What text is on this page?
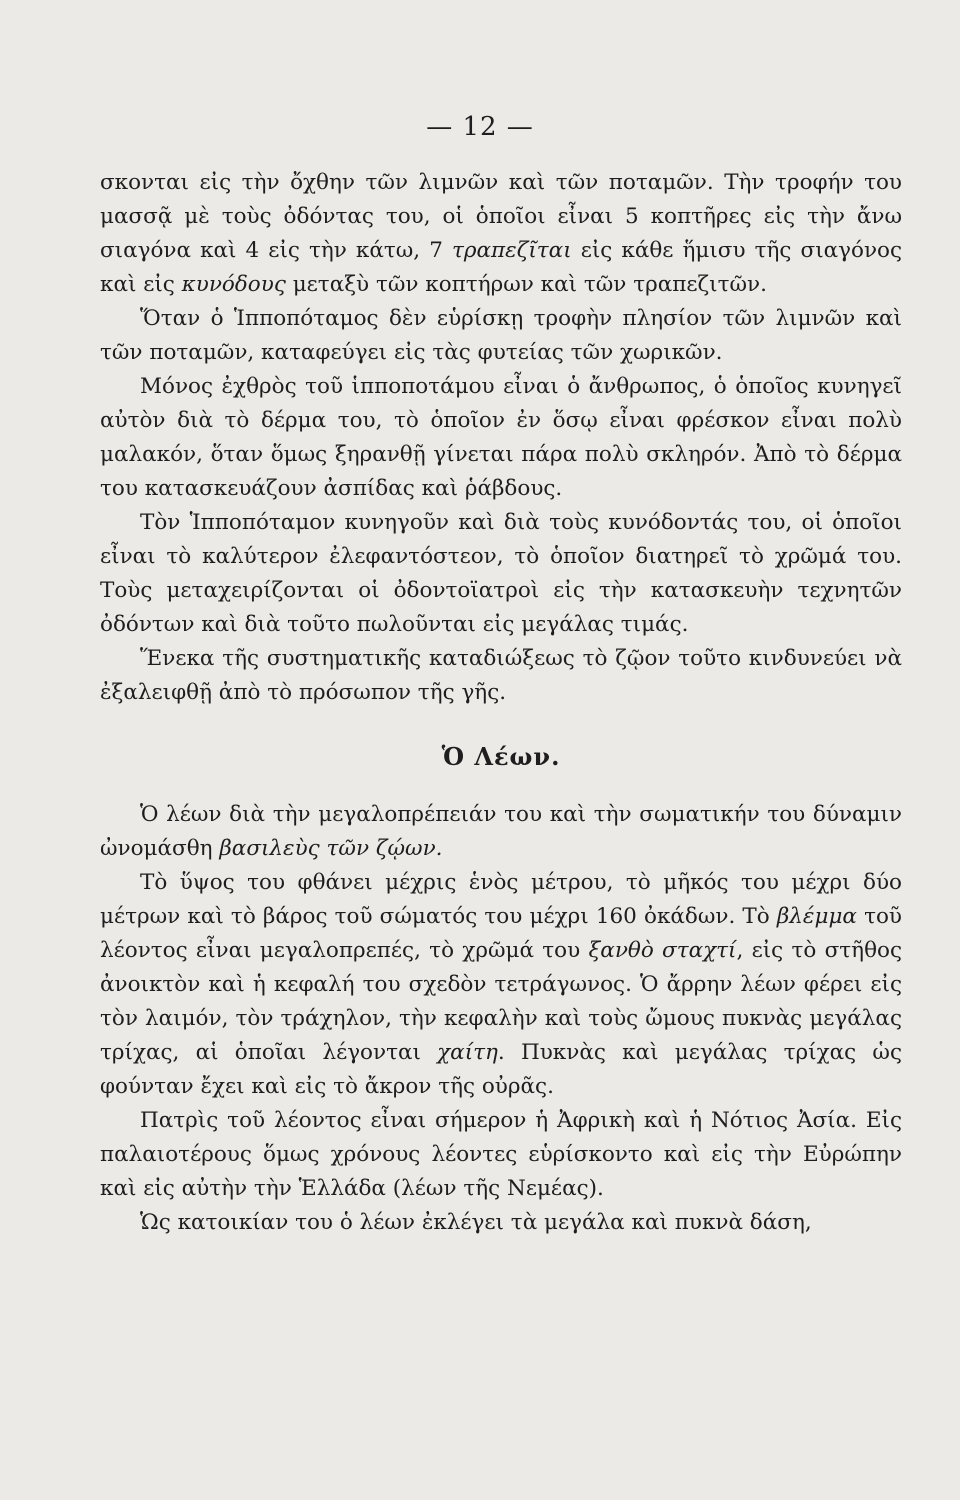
— 12 —

σκονται εἰς τὴν ὄχθην τῶν λιμνῶν καὶ τῶν ποταμῶν. Τὴν τροφήν του μασσᾷ μὲ τοὺς ὀδόντας του, οἱ ὁποῖοι εἶναι 5 κοπτῆρες εἰς τὴν ἄνω σιαγόνα καὶ 4 εἰς τὴν κάτω, 7 τραπεζῖται εἰς κάθε ἥμισυ τῆς σιαγόνος καὶ εἰς κυνόδους μεταξὺ τῶν κοπτήρων καὶ τῶν τραπεζιτῶν.

Ὅταν ὁ Ἱπποπόταμος δὲν εὑρίσκῃ τροφὴν πλησίον τῶν λιμνῶν καὶ τῶν ποταμῶν, καταφεύγει εἰς τὰς φυτείας τῶν χωρικῶν.

Μόνος ἐχθρὸς τοῦ ἱπποποτάμου εἶναι ὁ ἄνθρωπος, ὁ ὁποῖος κυνηγεῖ αὐτὸν διὰ τὸ δέρμα του, τὸ ὁποῖον ἐν ὅσῳ εἶναι φρέσκον εἶναι πολὺ μαλακόν, ὅταν ὅμως ξηρανθῇ γίνεται πάρα πολὺ σκληρόν. Ἀπὸ τὸ δέρμα του κατασκευάζουν ἀσπίδας καὶ ῥάβδους.

Τὸν Ἱπποπόταμον κυνηγοῦν καὶ διὰ τοὺς κυνόδοντάς του, οἱ ὁποῖοι εἶναι τὸ καλύτερον ἐλεφαντόστεον, τὸ ὁποῖον διατηρεῖ τὸ χρῶμά του. Τοὺς μεταχειρίζονται οἱ ὀδοντοϊατροὶ εἰς τὴν κατασκευὴν τεχνητῶν ὀδόντων καὶ διὰ τοῦτο πωλοῦνται εἰς μεγάλας τιμάς.

Ἕνεκα τῆς συστηματικῆς καταδιώξεως τὸ ζῷον τοῦτο κινδυνεύει νὰ ἐξαλειφθῇ ἀπὸ τὸ πρόσωπον τῆς γῆς.

Ὁ Λέων.

Ὁ λέων διὰ τὴν μεγαλοπρέπειάν του καὶ τὴν σωματικήν του δύναμιν ὠνομάσθη βασιλεὺς τῶν ζῴων.

Τὸ ὕψος του φθάνει μέχρις ἑνὸς μέτρου, τὸ μῆκός του μέχρι δύο μέτρων καὶ τὸ βάρος τοῦ σώματός του μέχρι 160 ὀκάδων. Τὸ βλέμμα τοῦ λέοντος εἶναι μεγαλοπρεπές, τὸ χρῶμά του ξανθὸ σταχτί, εἰς τὸ στῆθος ἀνοικτὸν καὶ ἡ κεφαλή του σχεδὸν τετράγωνος. Ὁ ἄρρην λέων φέρει εἰς τὸν λαιμόν, τὸν τράχηλον, τὴν κεφαλὴν καὶ τοὺς ὤμους πυκνὰς μεγάλας τρίχας, αἱ ὁποῖαι λέγονται χαίτη. Πυκνὰς καὶ μεγάλας τρίχας ὡς φούνταν ἔχει καὶ εἰς τὸ ἄκρον τῆς οὐρᾶς.

Πατρὶς τοῦ λέοντος εἶναι σήμερον ἡ Ἀφρικὴ καὶ ἡ Νότιος Ἀσία. Εἰς παλαιοτέρους ὅμως χρόνους λέοντες εὑρίσκοντο καὶ εἰς τὴν Εὐρώπην καὶ εἰς αὐτὴν τὴν Ἑλλάδα (λέων τῆς Νεμέας).

Ὡς κατοικίαν του ὁ λέων ἐκλέγει τὰ μεγάλα καὶ πυκνὰ δάση,
